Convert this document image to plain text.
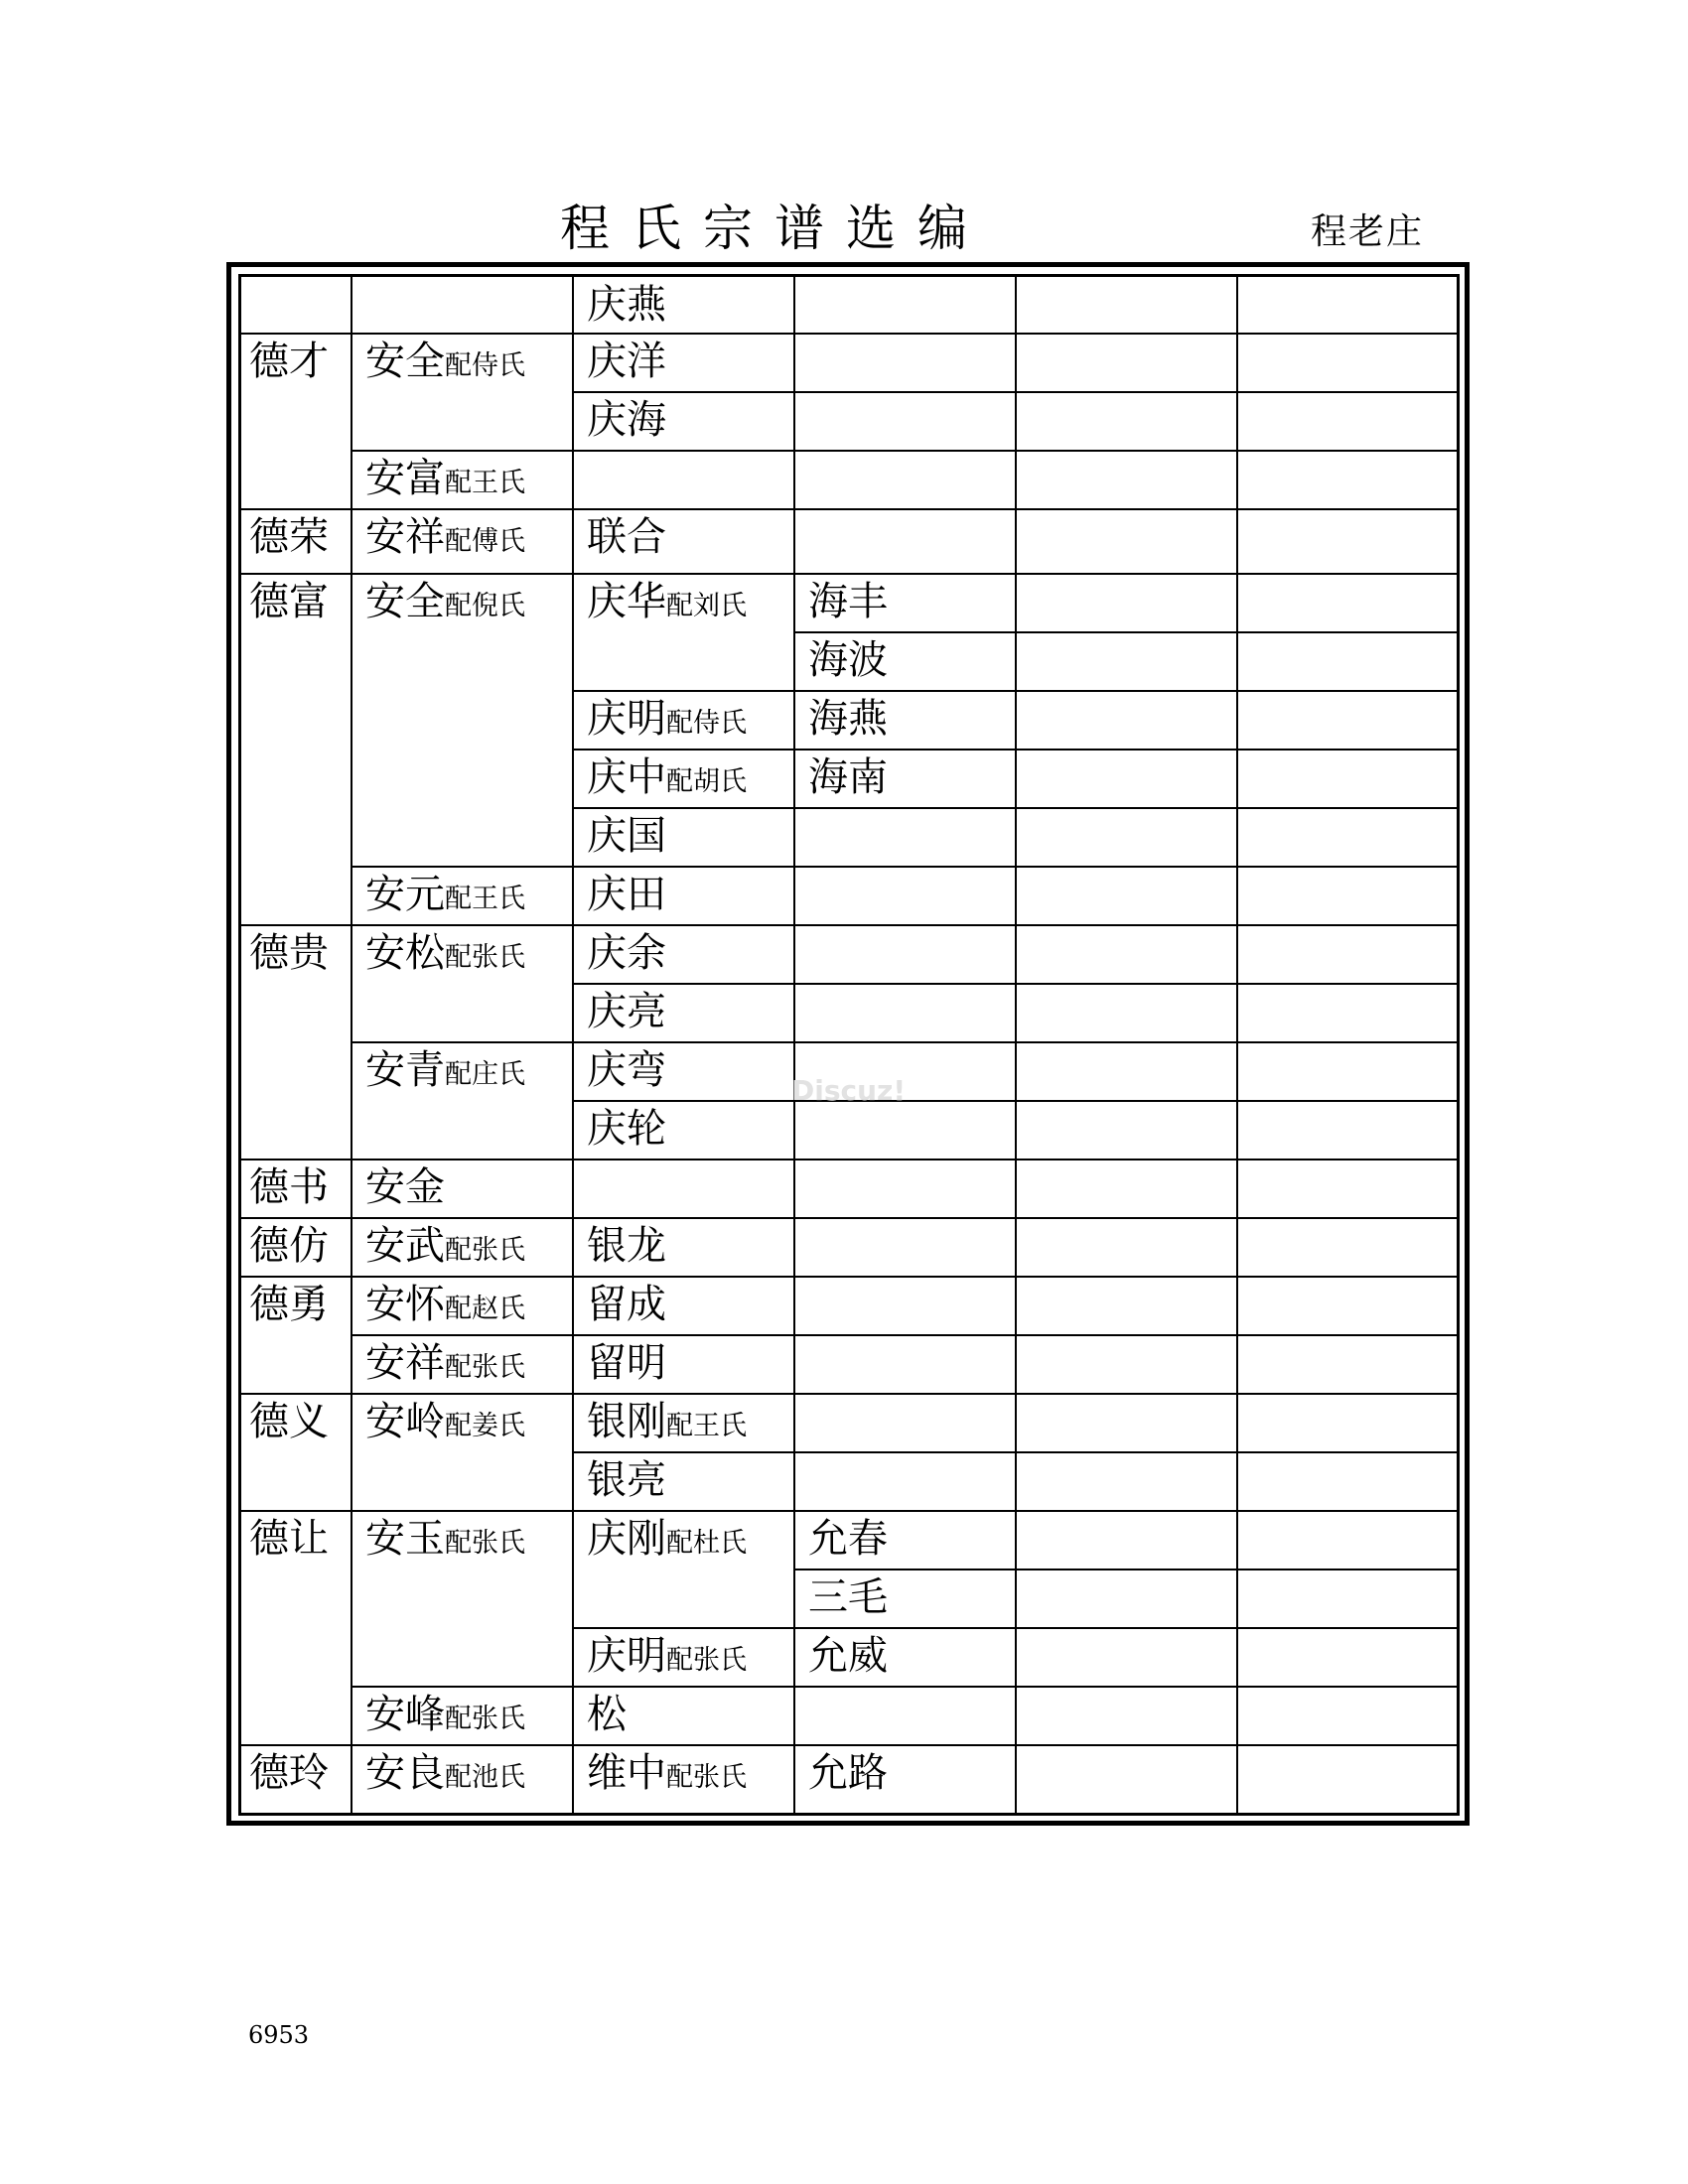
程氏宗谱选编	程老庄
庆燕
德才 安全配侍氏 庆洋
庆海
安富配王氏
德荣 安祥配傅氏 联合
德富 安全配倪氏 庆华配刘氏 海丰
海波
庆明配侍氏 海燕
庆中配胡氏 海南
庆国
安元配王氏 庆田
德贵 安松配张氏 庆余
庆亮
安青配庄氏 庆弯
庆轮
德书 安金
德仿 安武配张氏 银龙
德勇 安怀配赵氏 留成
安祥配张氏 留明
德义 安岭配姜氏 银刚配王氏
银亮
德让 安玉配张氏 庆刚配杜氏 允春
三毛
庆明配张氏 允威
安峰配张氏 松
德玲 安良配池氏 维中配张氏 允路
Discuz!
6953
